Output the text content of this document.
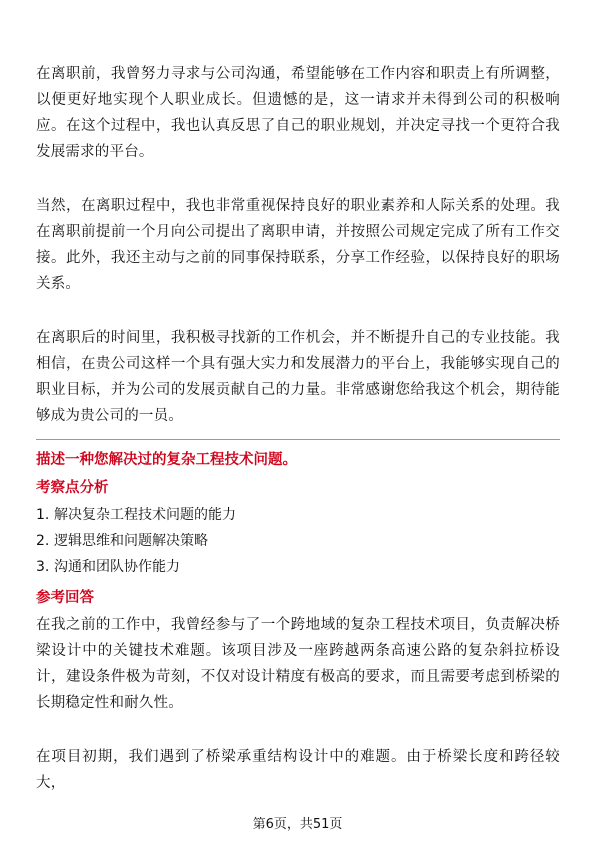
在离职前，我曾努力寻求与公司沟通，希望能够在工作内容和职责上有所调整，以便更好地实现个人职业成长。但遗憾的是，这一请求并未得到公司的积极响应。在这个过程中，我也认真反思了自己的职业规划，并决定寻找一个更符合我发展需求的平台。

当然，在离职过程中，我也非常重视保持良好的职业素养和人际关系的处理。我在离职前提前一个月向公司提出了离职申请，并按照公司规定完成了所有工作交接。此外，我还主动与之前的同事保持联系，分享工作经验，以保持良好的职场关系。

在离职后的时间里，我积极寻找新的工作机会，并不断提升自己的专业技能。我相信，在贵公司这样一个具有强大实力和发展潜力的平台上，我能够实现自己的职业目标，并为公司的发展贡献自己的力量。非常感谢您给我这个机会，期待能够成为贵公司的一员。

描述一种您解决过的复杂工程技术问题。

考察点分析

1. 解决复杂工程技术问题的能力
2. 逻辑思维和问题解决策略
3. 沟通和团队协作能力

参考回答

在我之前的工作中，我曾经参与了一个跨地域的复杂工程技术项目，负责解决桥梁设计中的关键技术难题。该项目涉及一座跨越两条高速公路的复杂斜拉桥设计，建设条件极为苛刻，不仅对设计精度有极高的要求，而且需要考虑到桥梁的长期稳定性和耐久性。

在项目初期，我们遇到了桥梁承重结构设计中的难题。由于桥梁长度和跨径较大，

第6页，共51页
